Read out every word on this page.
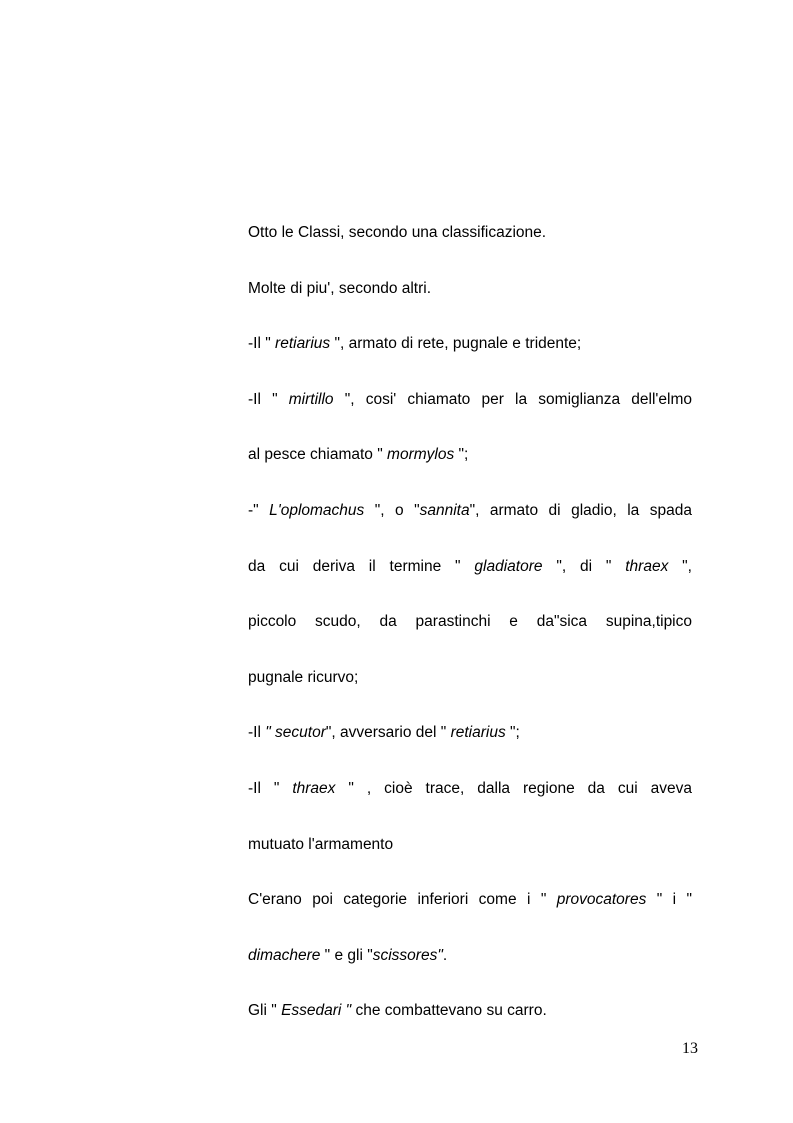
Otto le Classi, secondo una classificazione.
Molte di piu', secondo altri.
-Il " retiarius ", armato di rete, pugnale e tridente;
-Il " mirtillo ", cosi' chiamato per la somiglianza dell'elmo
al pesce chiamato " mormylos ";
-" L'oplomachus ", o "sannita", armato di gladio, la spada
da cui deriva il termine " gladiatore ", di " thraex ",
piccolo scudo, da parastinchi e da"sica supina,tipico
pugnale ricurvo;
-Il " secutor", avversario del " retiarius ";
-Il " thraex " , cioè trace, dalla regione da cui aveva
mutuato l'armamento
C'erano poi categorie inferiori come i " provocatores " i "
dimachere " e gli "scissores".
Gli " Essedari " che combattevano su carro.
13
